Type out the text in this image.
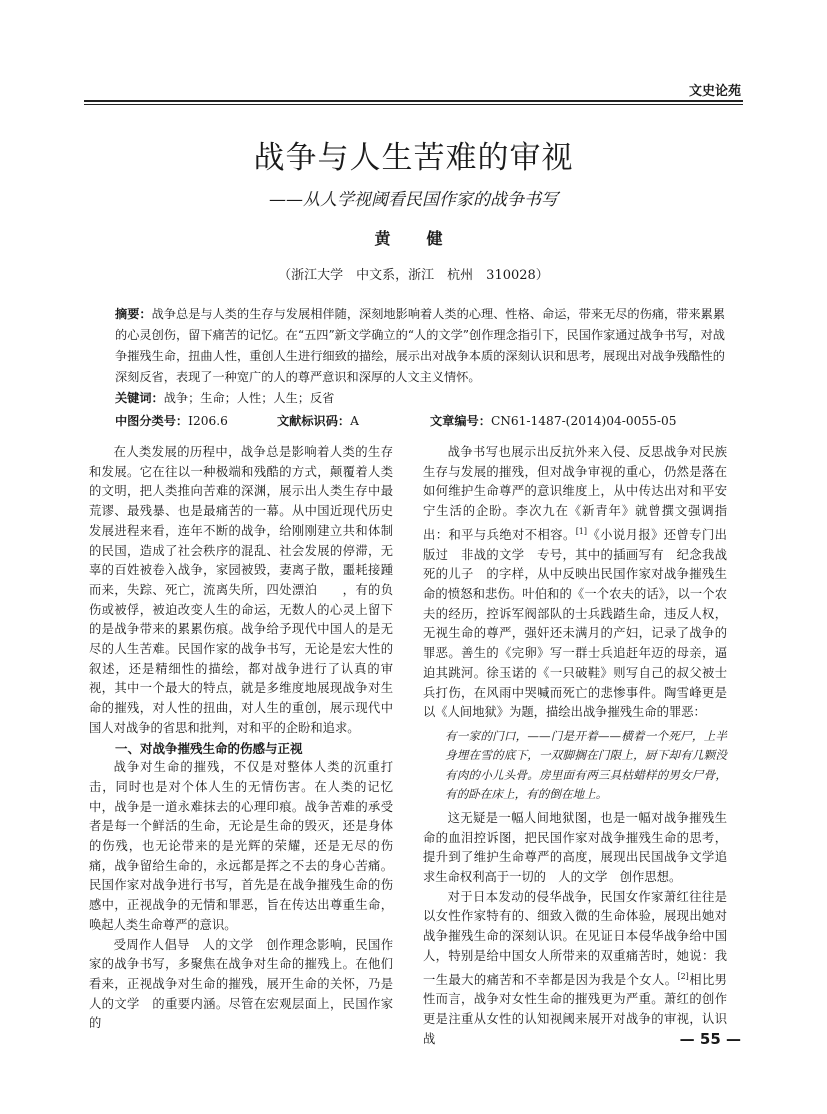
文史论苑
战争与人生苦难的审视
——从人学视阈看民国作家的战争书写
黄　健
（浙江大学　中文系，浙江　杭州　310028）

摘要：战争总是与人类的生存与发展相伴随，深刻地影响着人类的心理、性格、命运，带来无尽的伤痛，带来累累的心灵创伤，留下痛苦的记忆。在“五四”新文学确立的“人的文学”创作理念指引下，民国作家通过战争书写，对战争摧残生命，扭曲人性，重创人生进行细致的描绘，展示出对战争本质的深刻认识和思考，展现出对战争残酷性的深刻反省，表现了一种宽广的人的尊严意识和深厚的人文主义情怀。

关键词：战争；生命；人性；人生；反省
中图分类号：I206.6	文献标识码：A	文章编号：CN61-1487-(2014)04-0055-05

在人类发展的历程中，战争总是影响着人类的生存和发展。它在往以一种极端和残酷的方式，颠覆着人类的文明，把人类推向苦难的深渊，展示出人类生存中最荒谬、最残暴、也是最痛苦的一幕。从中国近现代历史发展进程来看，连年不断的战争，给刚刚建立共和体制的民国，造成了社会秩序的混乱、社会发展的停滞，无辜的百姓被卷入战争，家园被毁，妻离子散，噩耗接踵而来，失踪、死亡，流离失所，四处漂泊　　，有的负伤或被俘，被迫改变人生的命运，无数人的心灵上留下的是战争带来的累累伤痕。战争给予现代中国人的是无尽的人生苦难。民国作家的战争书写，无论是宏大性的叙述，还是精细性的描绘，都对战争进行了认真的审视，其中一个最大的特点，就是多维度地展现战争对生命的摧残，对人性的扭曲，对人生的重创，展示现代中国人对战争的省思和批判，对和平的企盼和追求。

一、对战争摧残生命的伤感与正视

战争对生命的摧残，不仅是对整体人类的沉重打击，同时也是对个体人生的无情伤害。在人类的记忆中，战争是一道永难抹去的心理印痕。战争苦难的承受者是每一个鲜活的生命，无论是生命的毁灭，还是身体的伤残，也无论带来的是光辉的荣耀，还是无尽的伤痛，战争留给生命的，永远都是挥之不去的身心苦痛。民国作家对战争进行书写，首先是在战争摧残生命的伤感中，正视战争的无情和罪恶，旨在传达出尊重生命，唤起人类生命尊严的意识。

受周作人倡导　人的文学　创作理念影响，民国作家的战争书写，多聚焦在战争对生命的摧残上。在他们看来，正视战争对生命的摧残，展开生命的关怀，乃是　人的文学　的重要内涵。尽管在宏观层面上，民国作家的

战争书写也展示出反抗外来入侵、反思战争对民族生存与发展的摧残，但对战争审视的重心，仍然是落在如何维护生命尊严的意识维度上，从中传达出对和平安宁生活的企盼。李次九在《新青年》就曾撰文强调指出：和平与兵绝对不相容。[1]《小说月报》还曾专门出版过　非战的文学　专号，其中的插画写有　纪念我战死的儿子　的字样，从中反映出民国作家对战争摧残生命的愤怒和悲伤。叶伯和的《一个农夫的话》，以一个农夫的经历，控诉军阀部队的士兵践踏生命，违反人权，无视生命的尊严，强奸还未满月的产妇，记录了战争的罪恶。善生的《完卵》写一群士兵追赶年迈的母亲，逼迫其跳河。徐玉诺的《一只破鞋》则写自己的叔父被士兵打伤，在风雨中哭喊而死亡的悲惨事件。陶雪峰更是以《人间地狱》为题，描绘出战争摧残生命的罪恶：

有一家的门口，——门是开着——横着一个死尸，上半身埋在雪的底下，一双脚搁在门限上，厨下却有几颗没有肉的小儿头骨。房里面有两三具枯蜡样的男女尸骨，有的卧在床上，有的倒在地上。

这无疑是一幅人间地狱图，也是一幅对战争摧残生命的血泪控诉图，把民国作家对战争摧残生命的思考，提升到了维护生命尊严的高度，展现出民国战争文学追求生命权利高于一切的　人的文学　创作思想。

对于日本发动的侵华战争，民国女作家萧红往往是以女性作家特有的、细致入微的生命体验，展现出她对战争摧残生命的深刻认识。在见证日本侵华战争给中国人，特别是给中国女人所带来的双重痛苦时，她说：我一生最大的痛苦和不幸都是因为我是个女人。[2]相比男性而言，战争对女性生命的摧残更为严重。萧红的创作更是注重从女性的认知视阈来展开对战争的审视，认识战	— 55 —
